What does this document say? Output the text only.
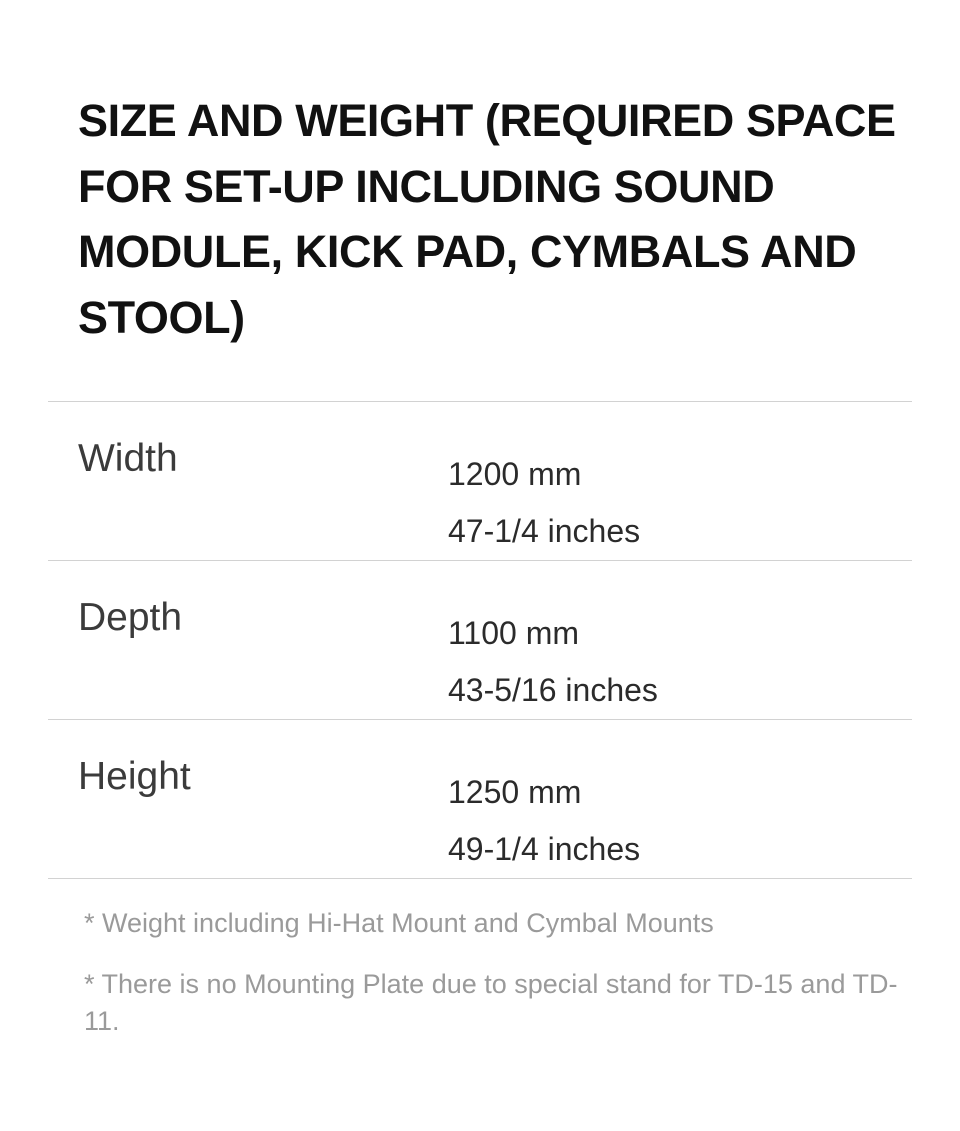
SIZE AND WEIGHT (REQUIRED SPACE FOR SET-UP INCLUDING SOUND MODULE, KICK PAD, CYMBALS AND STOOL)
Width	1200 mm
47-1/4 inches
Depth	1100 mm
43-5/16 inches
Height	1250 mm
49-1/4 inches

* Weight including Hi-Hat Mount and Cymbal Mounts

* There is no Mounting Plate due to special stand for TD-15 and TD-11.
